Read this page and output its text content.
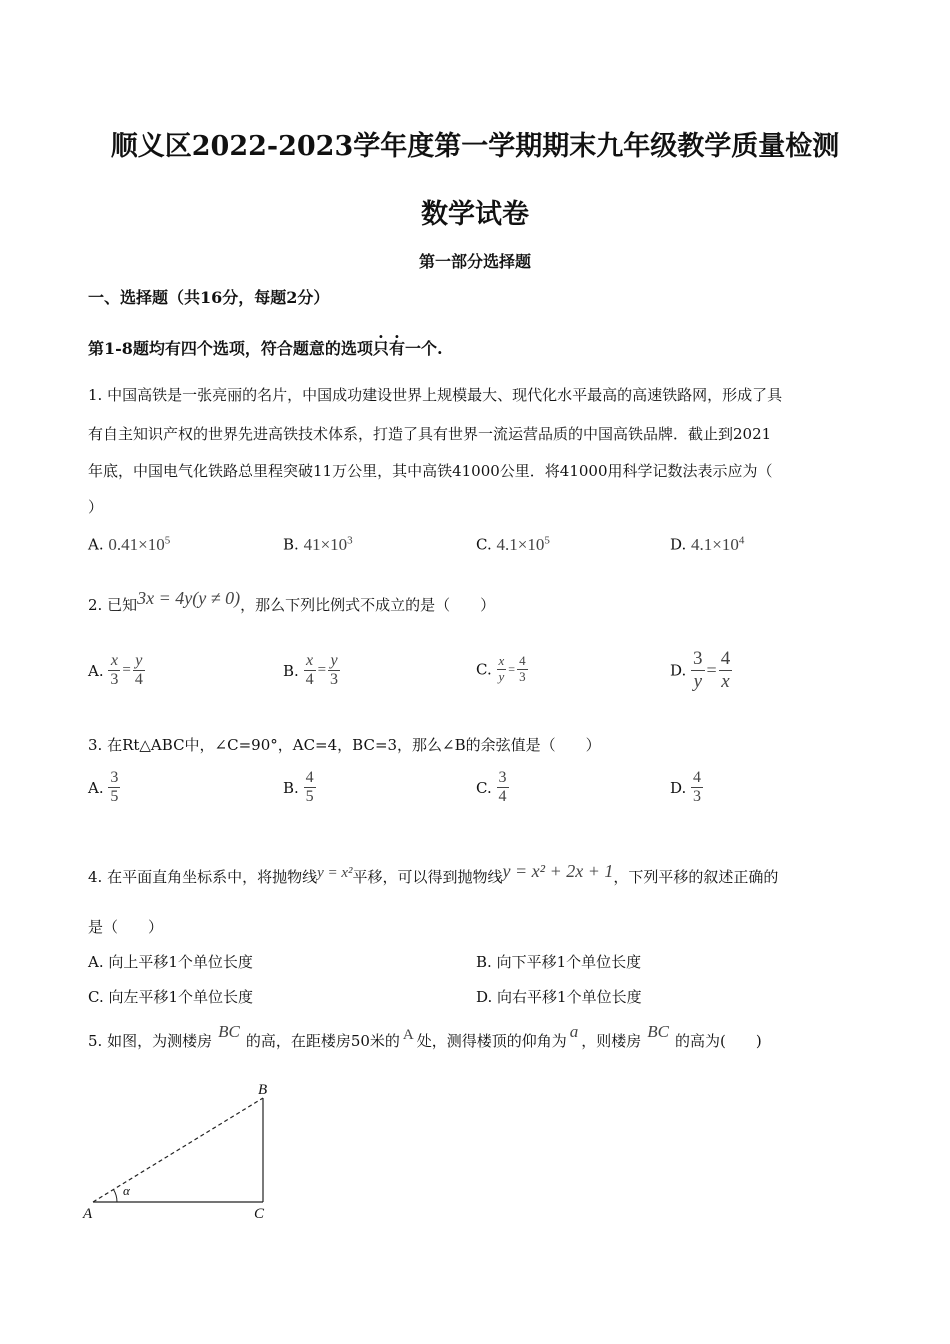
顺义区2022-2023学年度第一学期期末九年级教学质量检测
数学试卷
第一部分选择题
一、选择题（共16分，每题2分）
第1-8题均有四个选项，符合题意的选项只有一个.
1. 中国高铁是一张亮丽的名片，中国成功建设世界上规模最大、现代化水平最高的高速铁路网，形成了具
有自主知识产权的世界先进高铁技术体系，打造了具有世界一流运营品质的中国高铁品牌．截止到2021
年底，中国电气化铁路总里程突破11万公里，其中高铁41000公里．将41000用科学记数法表示应为（
）
A. $0.41\times 10^5$	B. $41\times 10^3$	C. $4.1\times 10^5$	D. $4.1\times 10^4$
2. 已知3x = 4y(y ≠ 0)，那么下列比例式不成立的是（　　）
A. $\frac{x}{3} = \frac{y}{4}$	B. $\frac{x}{4} = \frac{y}{3}$	C. $\frac{x}{y} = \frac{4}{3}$	D. $\frac{3}{y} = \frac{4}{x}$
3. 在Rt△ABC中，∠C=90°，AC=4，BC=3，那么∠B的余弦值是（　　）
A. $\frac{3}{5}$	B. $\frac{4}{5}$	C. $\frac{3}{4}$	D. $\frac{4}{3}$
4. 在平面直角坐标系中，将抛物线y = x²平移，可以得到抛物线y = x² + 2x + 1，下列平移的叙述正确的
是（　　）
A. 向上平移1个单位长度	B. 向下平移1个单位长度
C. 向左平移1个单位长度	D. 向右平移1个单位长度
5. 如图，为测楼房 BC 的高，在距楼房50米的 A 处，测得楼顶的仰角为 a ，则楼房 BC 的高为(　　)
A
B
C
α
